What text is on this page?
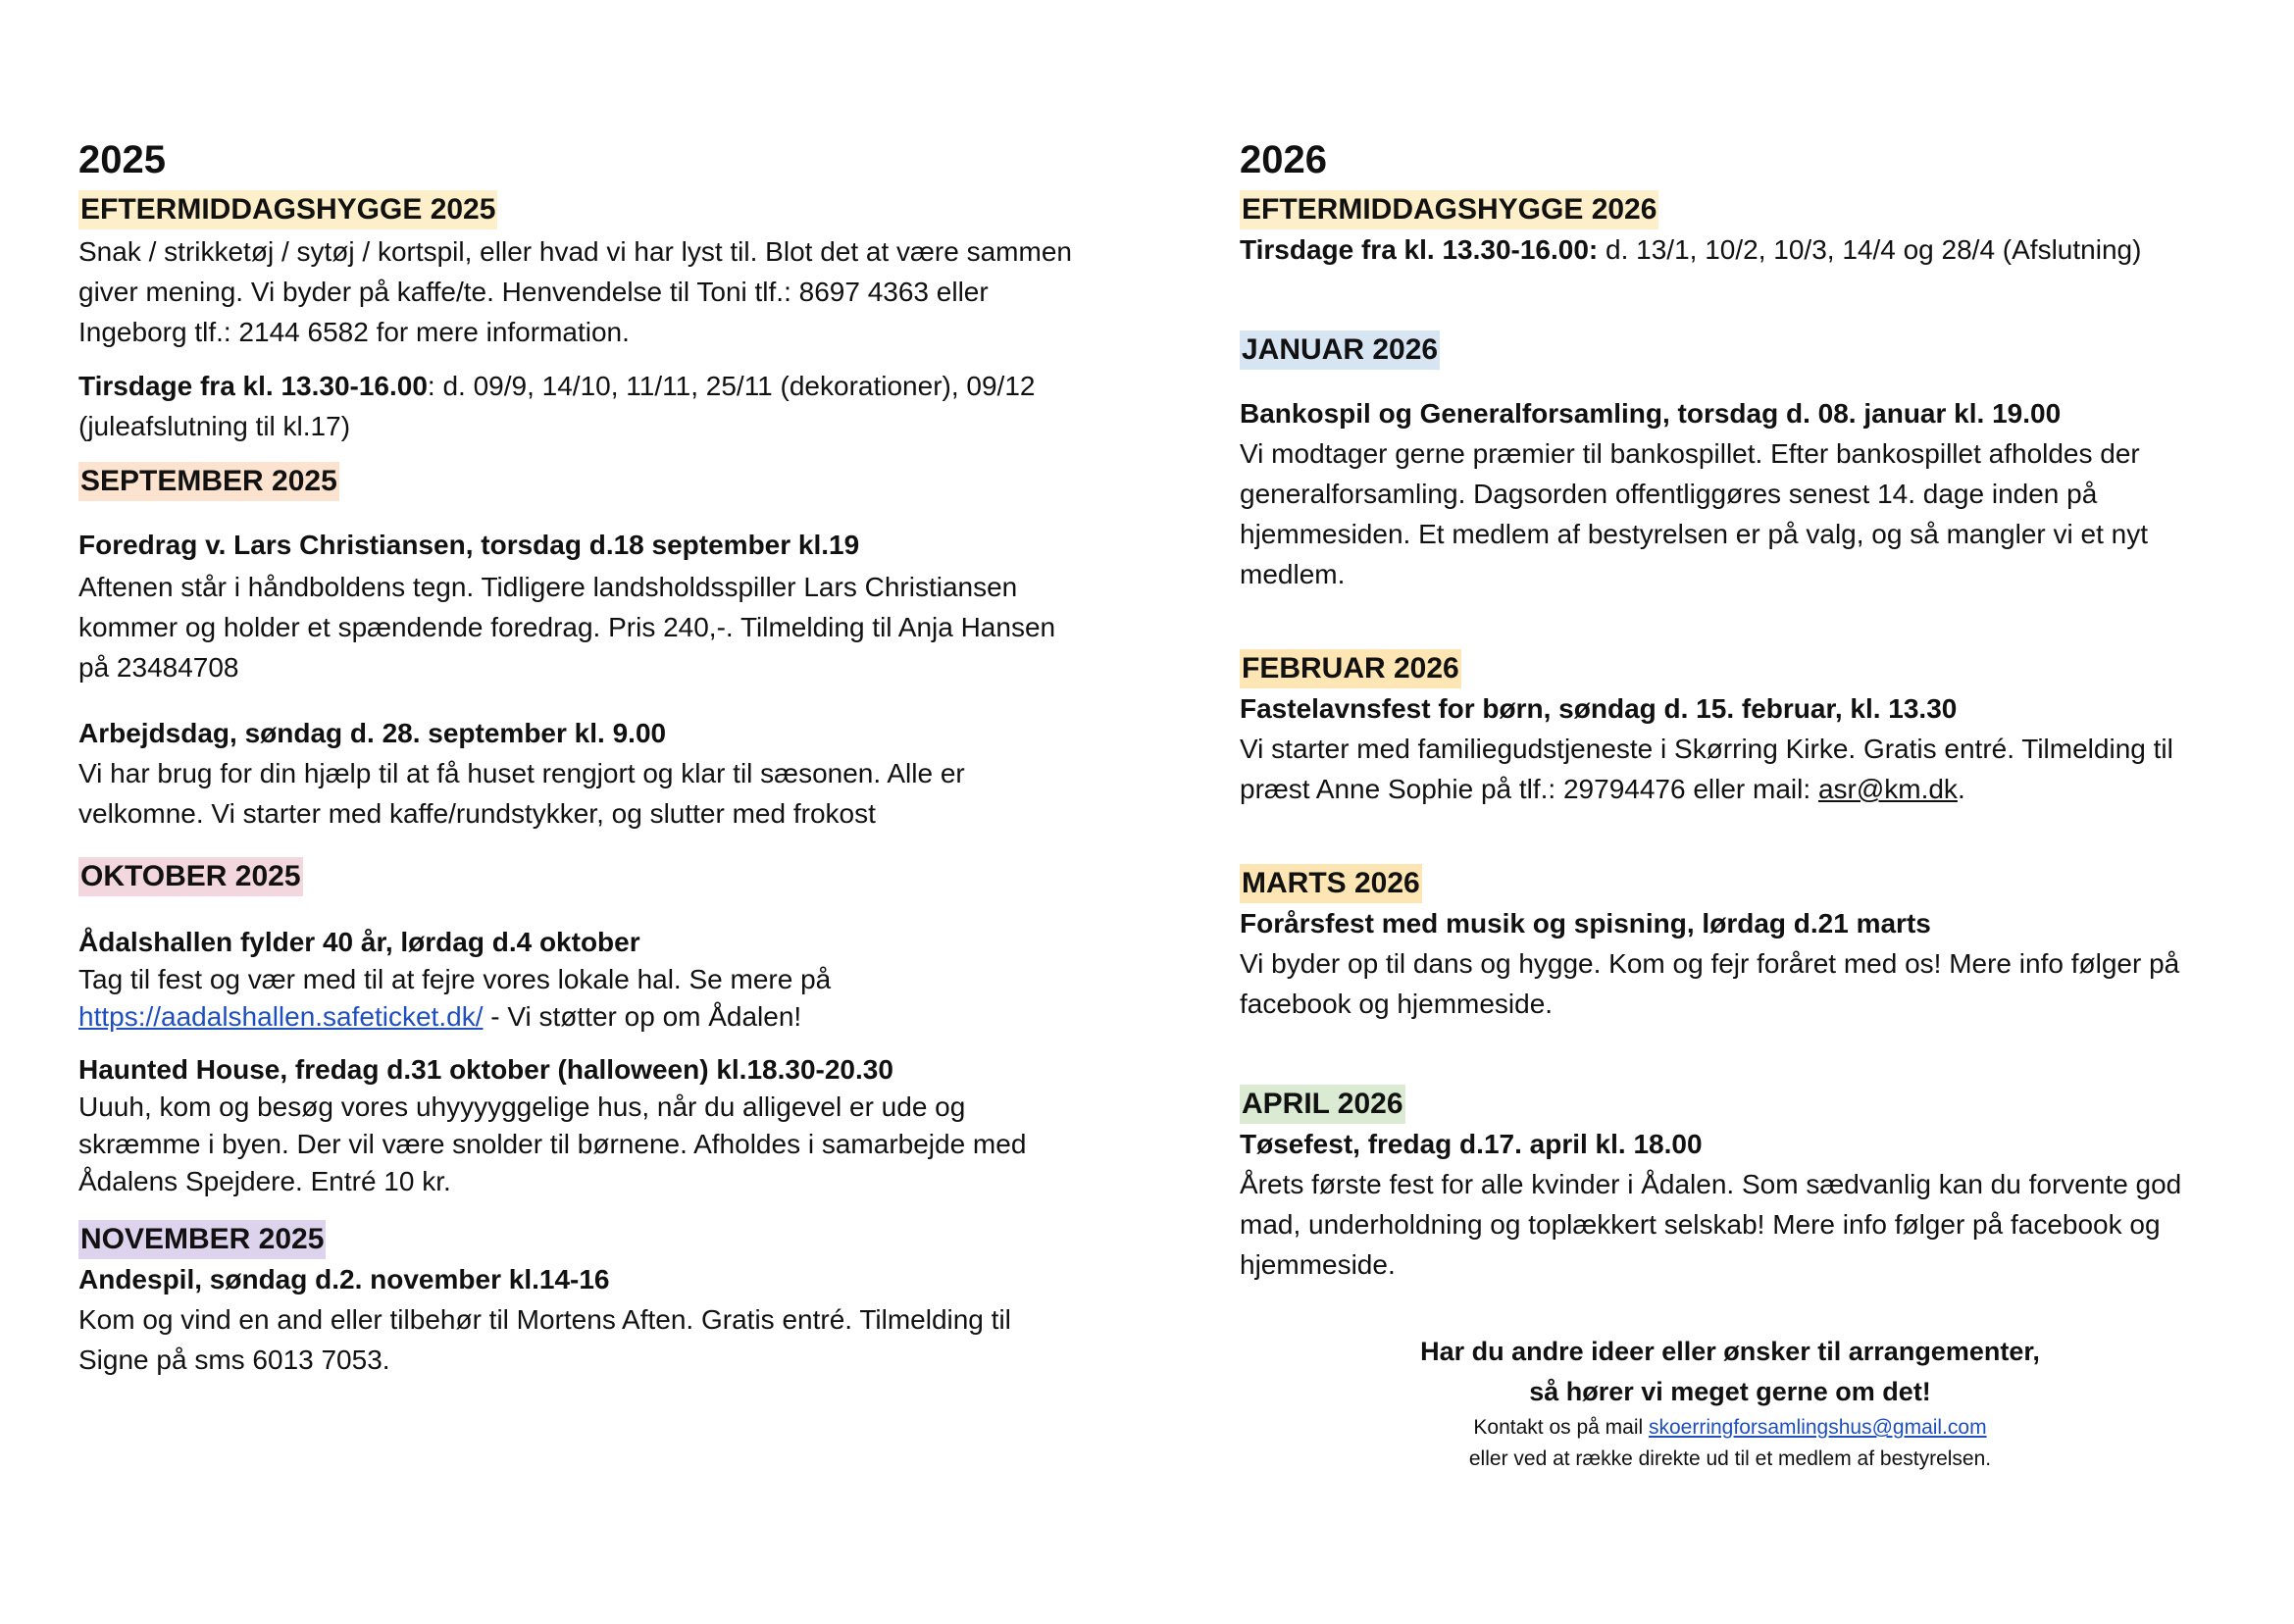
2025
EFTERMIDDAGSHYGGE 2025

Snak / strikketøj / sytøj / kortspil, eller hvad vi har lyst til. Blot det at være sammen giver mening. Vi byder på kaffe/te. Henvendelse til Toni tlf.: 8697 4363 eller Ingeborg tlf.: 2144 6582 for mere information.

Tirsdage fra kl. 13.30-16.00: d. 09/9, 14/10, 11/11, 25/11 (dekorationer), 09/12 (juleafslutning til kl.17)

SEPTEMBER 2025

Foredrag v. Lars Christiansen, torsdag d.18 september kl.19

Aftenen står i håndboldens tegn. Tidligere landsholdsspiller Lars Christiansen kommer og holder et spændende foredrag. Pris 240,-. Tilmelding til Anja Hansen på 23484708

Arbejdsdag, søndag d. 28. september kl. 9.00

Vi har brug for din hjælp til at få huset rengjort og klar til sæsonen. Alle er velkomne. Vi starter med kaffe/rundstykker, og slutter med frokost

OKTOBER 2025

Ådalshallen fylder 40 år, lørdag d.4 oktober

Tag til fest og vær med til at fejre vores lokale hal. Se mere på
https://aadalshallen.safeticket.dk/ - Vi støtter op om Ådalen!

Haunted House, fredag d.31 oktober (halloween) kl.18.30-20.30

Uuuh, kom og besøg vores uhyyyyggelige hus, når du alligevel er ude og skræmme i byen. Der vil være snolder til børnene. Afholdes i samarbejde med Ådalens Spejdere. Entré 10 kr.

NOVEMBER 2025

Andespil, søndag d.2. november kl.14-16

Kom og vind en and eller tilbehør til Mortens Aften. Gratis entré. Tilmelding til Signe på sms 6013 7053.

2026
EFTERMIDDAGSHYGGE 2026

Tirsdage fra kl. 13.30-16.00: d. 13/1, 10/2, 10/3, 14/4 og 28/4 (Afslutning)

JANUAR 2026

Bankospil og Generalforsamling, torsdag d. 08. januar kl. 19.00

Vi modtager gerne præmier til bankospillet. Efter bankospillet afholdes der generalforsamling. Dagsorden offentliggøres senest 14. dage inden på hjemmesiden. Et medlem af bestyrelsen er på valg, og så mangler vi et nyt medlem.

FEBRUAR 2026

Fastelavnsfest for børn, søndag d. 15. februar, kl. 13.30

Vi starter med familiegudstjeneste i Skørring Kirke. Gratis entré. Tilmelding til præst Anne Sophie på tlf.: 29794476 eller mail: asr@km.dk.

MARTS 2026

Forårsfest med musik og spisning, lørdag d.21 marts

Vi byder op til dans og hygge. Kom og fejr foråret med os! Mere info følger på facebook og hjemmeside.

APRIL 2026

Tøsefest, fredag d.17. april kl. 18.00

Årets første fest for alle kvinder i Ådalen. Som sædvanlig kan du forvente god mad, underholdning og toplækkert selskab! Mere info følger på facebook og hjemmeside.

Har du andre ideer eller ønsker til arrangementer,

så hører vi meget gerne om det!

Kontakt os på mail skoerringforsamlingshus@gmail.com

eller ved at række direkte ud til et medlem af bestyrelsen.
